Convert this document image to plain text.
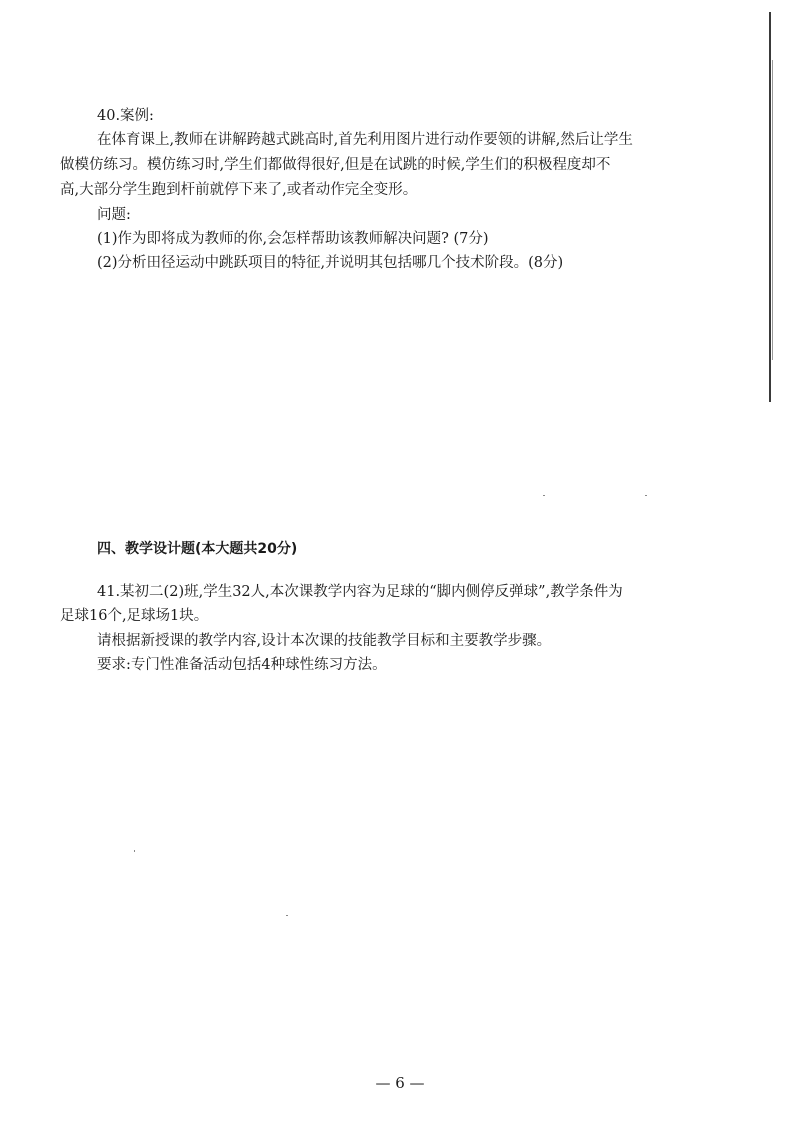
40.案例:
在体育课上,教师在讲解跨越式跳高时,首先利用图片进行动作要领的讲解,然后让学生
做模仿练习。模仿练习时,学生们都做得很好,但是在试跳的时候,学生们的积极程度却不
高,大部分学生跑到杆前就停下来了,或者动作完全变形。
问题:
(1)作为即将成为教师的你,会怎样帮助该教师解决问题? (7分)
(2)分析田径运动中跳跃项目的特征,并说明其包括哪几个技术阶段。(8分)
四、教学设计题(本大题共20分)
41.某初二(2)班,学生32人,本次课教学内容为足球的“脚内侧停反弹球”,教学条件为
足球16个,足球场1块。
请根据新授课的教学内容,设计本次课的技能教学目标和主要教学步骤。
要求:专门性准备活动包括4种球性练习方法。
— 6 —
